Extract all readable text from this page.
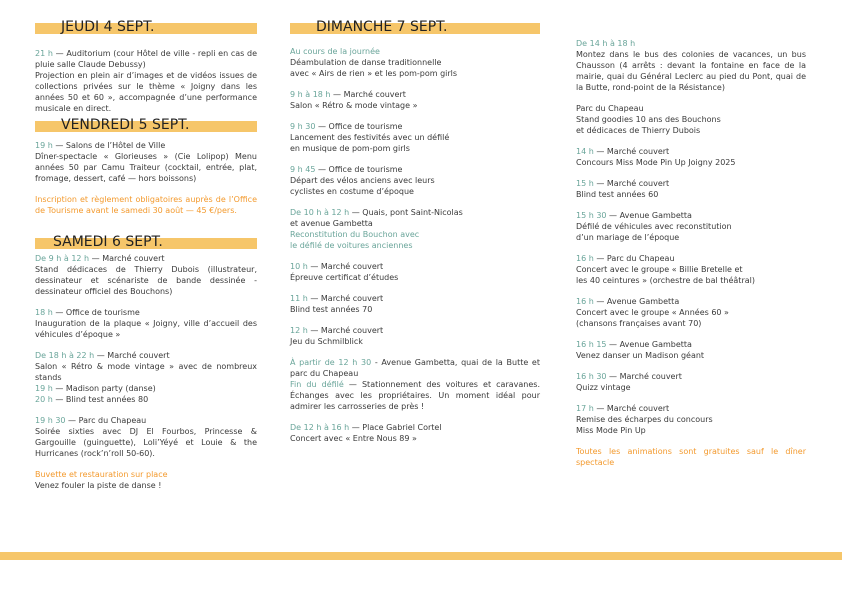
JEUDI 4 SEPT.

21 h — Auditorium (cour Hôtel de ville - repli en cas de pluie salle Claude Debussy)

Projection en plein air d’images et de vidéos issues de collections privées sur le thème « Joigny dans les années 50 et 60 », accompagnée d’une performance musicale en direct.

VENDREDI 5 SEPT.

19 h — Salons de l’Hôtel de Ville

Dîner-spectacle « Glorieuses » (Cie Lolipop) Menu années 50 par Camu Traiteur (cocktail, entrée, plat, fromage, dessert, café — hors boissons)

Inscription et règlement obligatoires auprès de l’Office de Tourisme avant le samedi 30 août — 45 €/pers.

SAMEDI 6 SEPT.

De 9 h à 12 h — Marché couvert

Stand dédicaces de Thierry Dubois (illustrateur, dessinateur et scénariste de bande dessinée - dessinateur officiel des Bouchons)

18 h — Office de tourisme

Inauguration de la plaque « Joigny, ville d’accueil des véhicules d’époque »

De 18 h à 22 h — Marché couvert

Salon « Rétro & mode vintage » avec de nombreux stands

19 h — Madison party (danse)

20 h — Blind test années 80

19 h 30 — Parc du Chapeau

Soirée sixties avec DJ El Fourbos, Princesse & Gargouille (guinguette), Loli’Yéyé et Louie & the Hurricanes (rock’n’roll 50-60).

Buvette et restauration sur place

Venez fouler la piste de danse !

DIMANCHE 7 SEPT.

Au cours de la journée

Déambulation de danse traditionnelle

avec « Airs de rien » et les pom-pom girls

9 h à 18 h — Marché couvert

Salon « Rétro & mode vintage »

9 h 30 — Office de tourisme

Lancement des festivités avec un défilé

en musique de pom-pom girls

9 h 45 — Office de tourisme

Départ des vélos anciens avec leurs

cyclistes en costume d’époque

De 10 h à 12 h — Quais, pont Saint-Nicolas

et avenue Gambetta

Reconstitution du Bouchon avec

le défilé de voitures anciennes

10 h — Marché couvert

Épreuve certificat d’études

11 h — Marché couvert

Blind test années 70

12 h — Marché couvert

Jeu du Schmilblick

À partir de 12 h 30 - Avenue Gambetta, quai de la Butte et parc du Chapeau

Fin du défilé — Stationnement des voitures et caravanes. Échanges avec les propriétaires. Un moment idéal pour admirer les carrosseries de près !

De 12 h à 16 h — Place Gabriel Cortel

Concert avec « Entre Nous 89 »

De 14 h à 18 h

Montez dans le bus des colonies de vacances, un bus Chausson (4 arrêts : devant la fontaine en face de la mairie, quai du Général Leclerc au pied du Pont, quai de la Butte, rond-point de la Résistance)

Parc du Chapeau

Stand goodies 10 ans des Bouchons

et dédicaces de Thierry Dubois

14 h — Marché couvert

Concours Miss Mode Pin Up Joigny 2025

15 h — Marché couvert

Blind test années 60

15 h 30 — Avenue Gambetta

Défilé de véhicules avec reconstitution

d’un mariage de l’époque

16 h — Parc du Chapeau

Concert avec le groupe « Billie Bretelle et

les 40 ceintures » (orchestre de bal théâtral)

16 h — Avenue Gambetta

Concert avec le groupe « Années 60 »

(chansons françaises avant 70)

16 h 15 — Avenue Gambetta

Venez danser un Madison géant

16 h 30 — Marché couvert

Quizz vintage

17 h — Marché couvert

Remise des écharpes du concours

Miss Mode Pin Up

Toutes les animations sont gratuites sauf le dîner spectacle
